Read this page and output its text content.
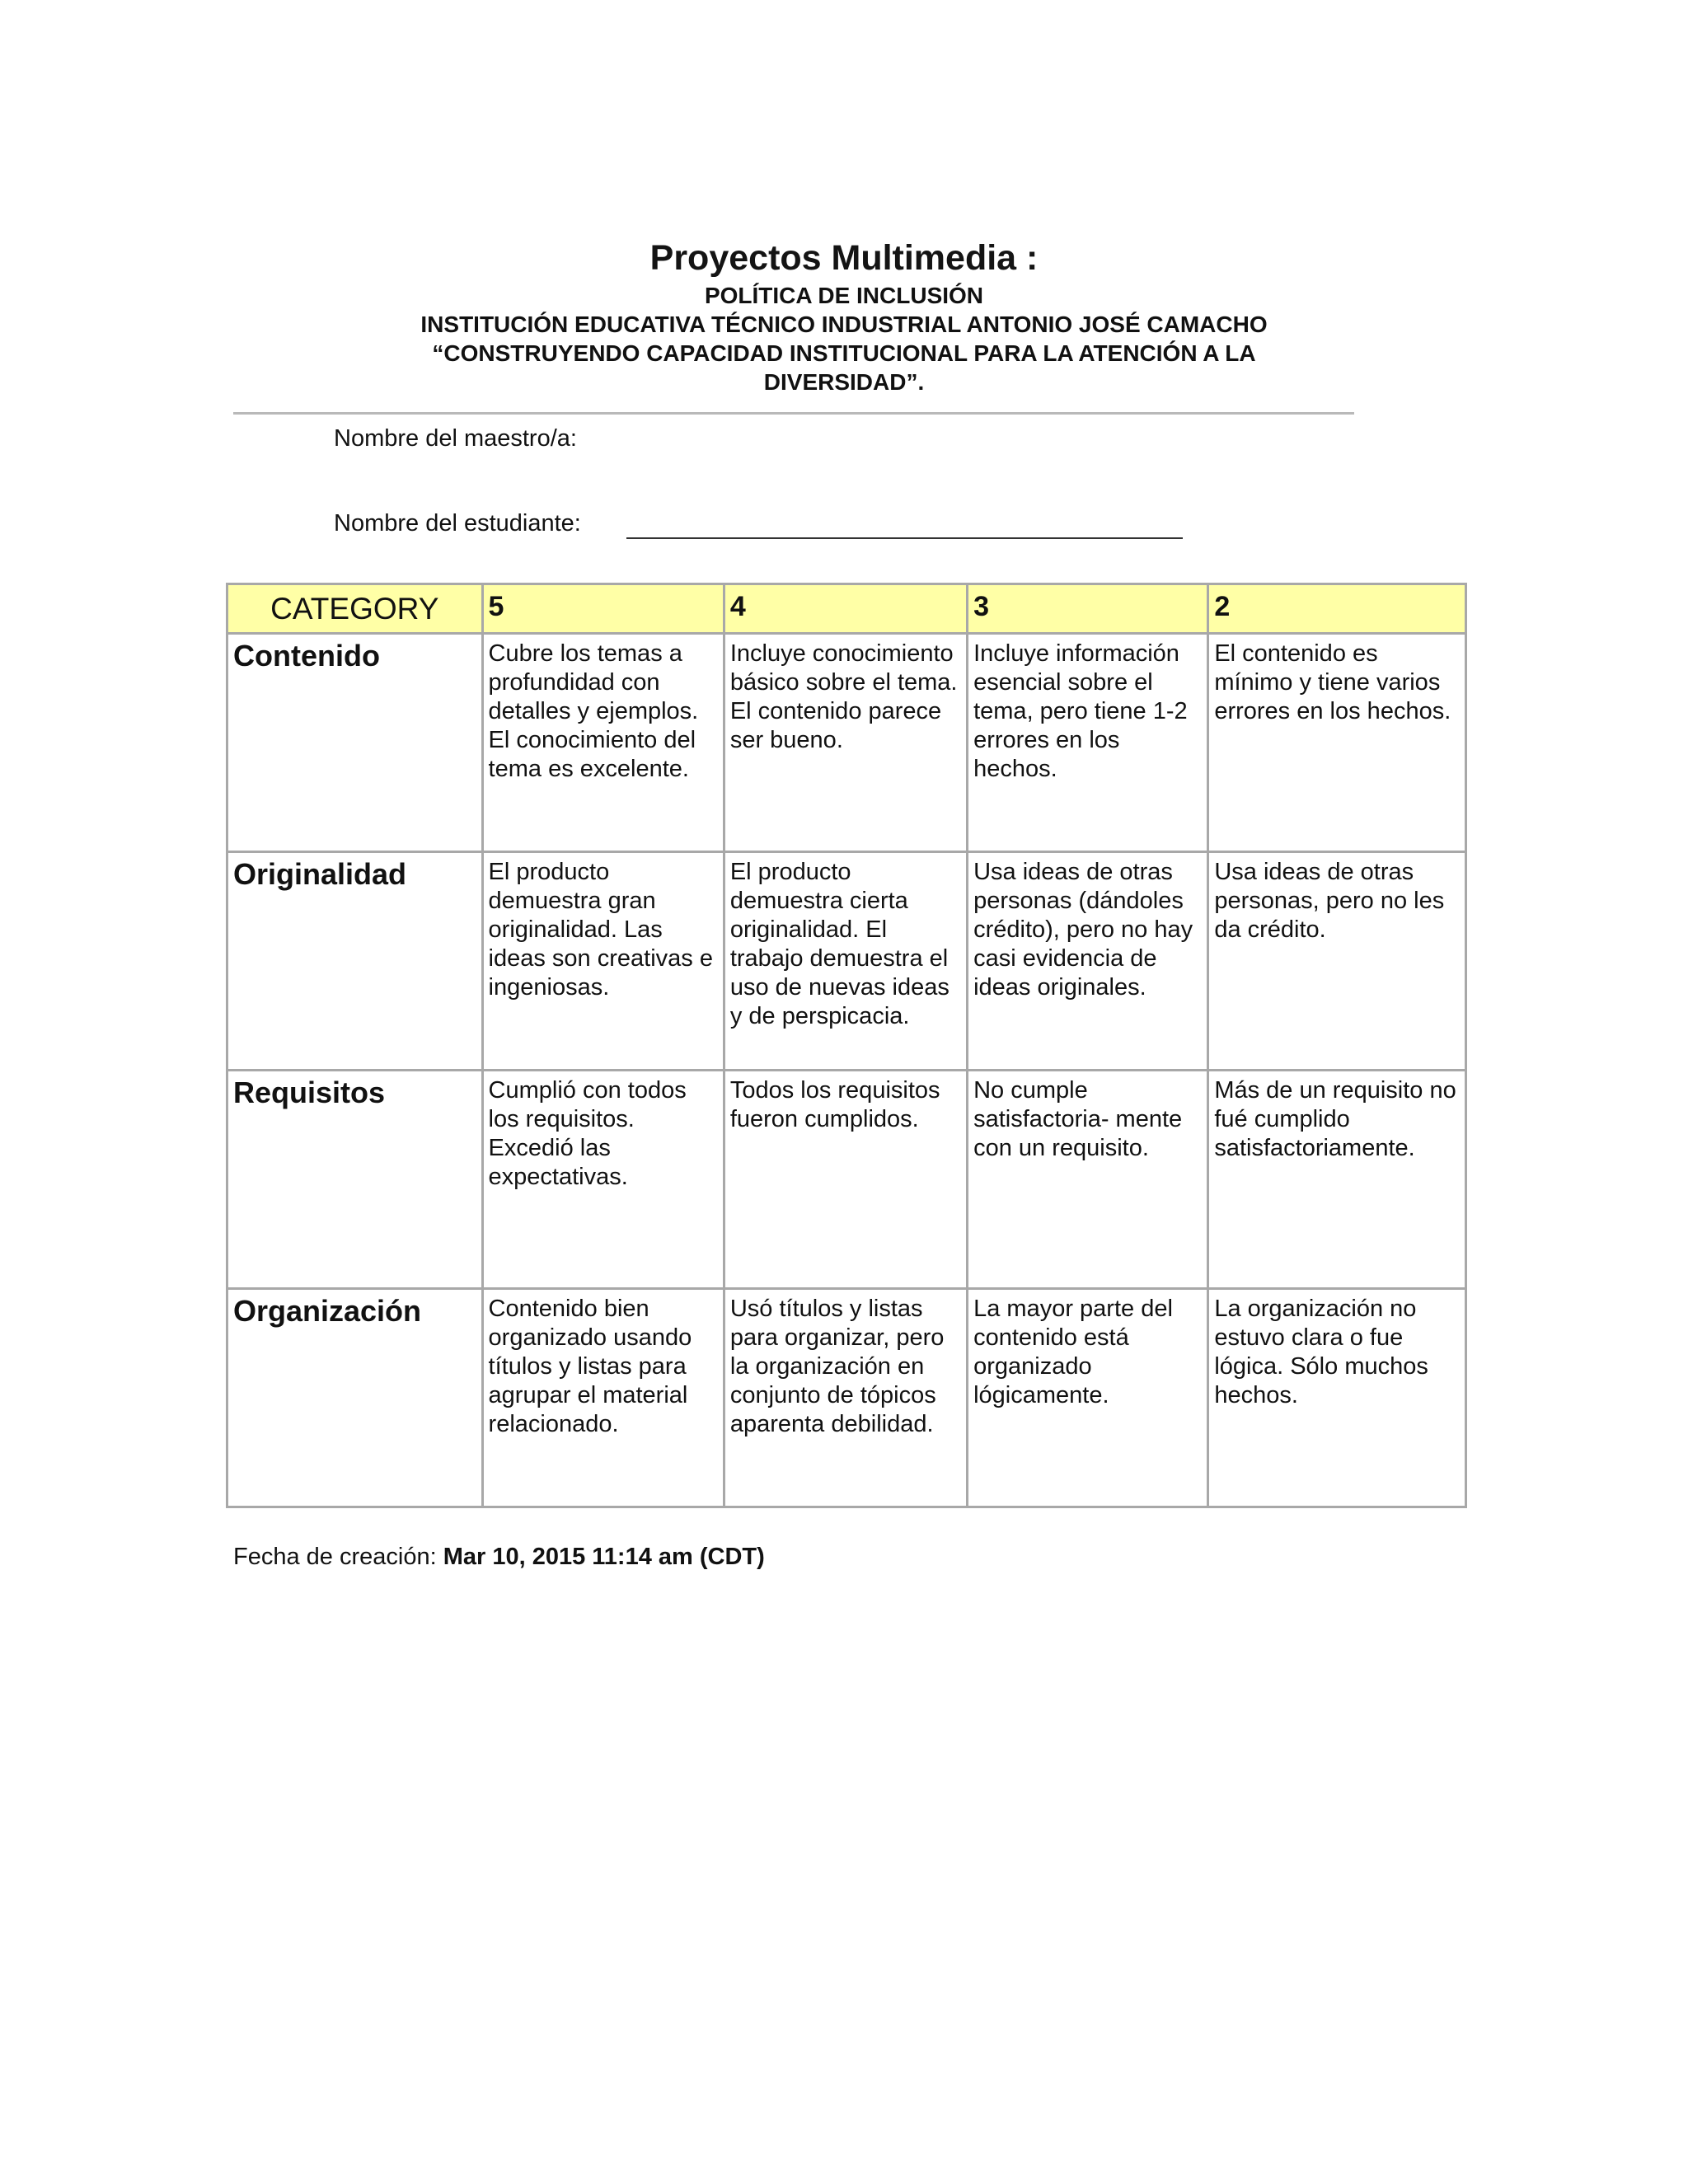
Proyectos Multimedia :
POLÍTICA DE INCLUSIÓN
INSTITUCIÓN EDUCATIVA TÉCNICO INDUSTRIAL ANTONIO JOSÉ CAMACHO
“CONSTRUYENDO CAPACIDAD INSTITUCIONAL PARA LA ATENCIÓN A LA
DIVERSIDAD”.
Nombre del maestro/a:
Nombre del estudiante:
CATEGORY	5	4	3	2
Contenido	Cubre los temas a profundidad con detalles y ejemplos. El conocimiento del tema es excelente.	Incluye conocimiento básico sobre el tema. El contenido parece ser bueno.	Incluye información esencial sobre el tema, pero tiene 1-2 errores en los hechos.	El contenido es mínimo y tiene varios errores en los hechos.
Originalidad	El producto demuestra gran originalidad. Las ideas son creativas e ingeniosas.	El producto demuestra cierta originalidad. El trabajo demuestra el uso de nuevas ideas y de perspicacia.	Usa ideas de otras personas (dándoles crédito), pero no hay casi evidencia de ideas originales.	Usa ideas de otras personas, pero no les da crédito.
Requisitos	Cumplió con todos los requisitos. Excedió las expectativas.	Todos los requisitos fueron cumplidos.	No cumple satisfactoria- mente con un requisito.	Más de un requisito no fué cumplido satisfactoriamente.
Organización	Contenido bien organizado usando títulos y listas para agrupar el material relacionado.	Usó títulos y listas para organizar, pero la organización en conjunto de tópicos aparenta debilidad.	La mayor parte del contenido está organizado lógicamente.	La organización no estuvo clara o fue lógica. Sólo muchos hechos.
Fecha de creación: Mar 10, 2015 11:14 am (CDT)
